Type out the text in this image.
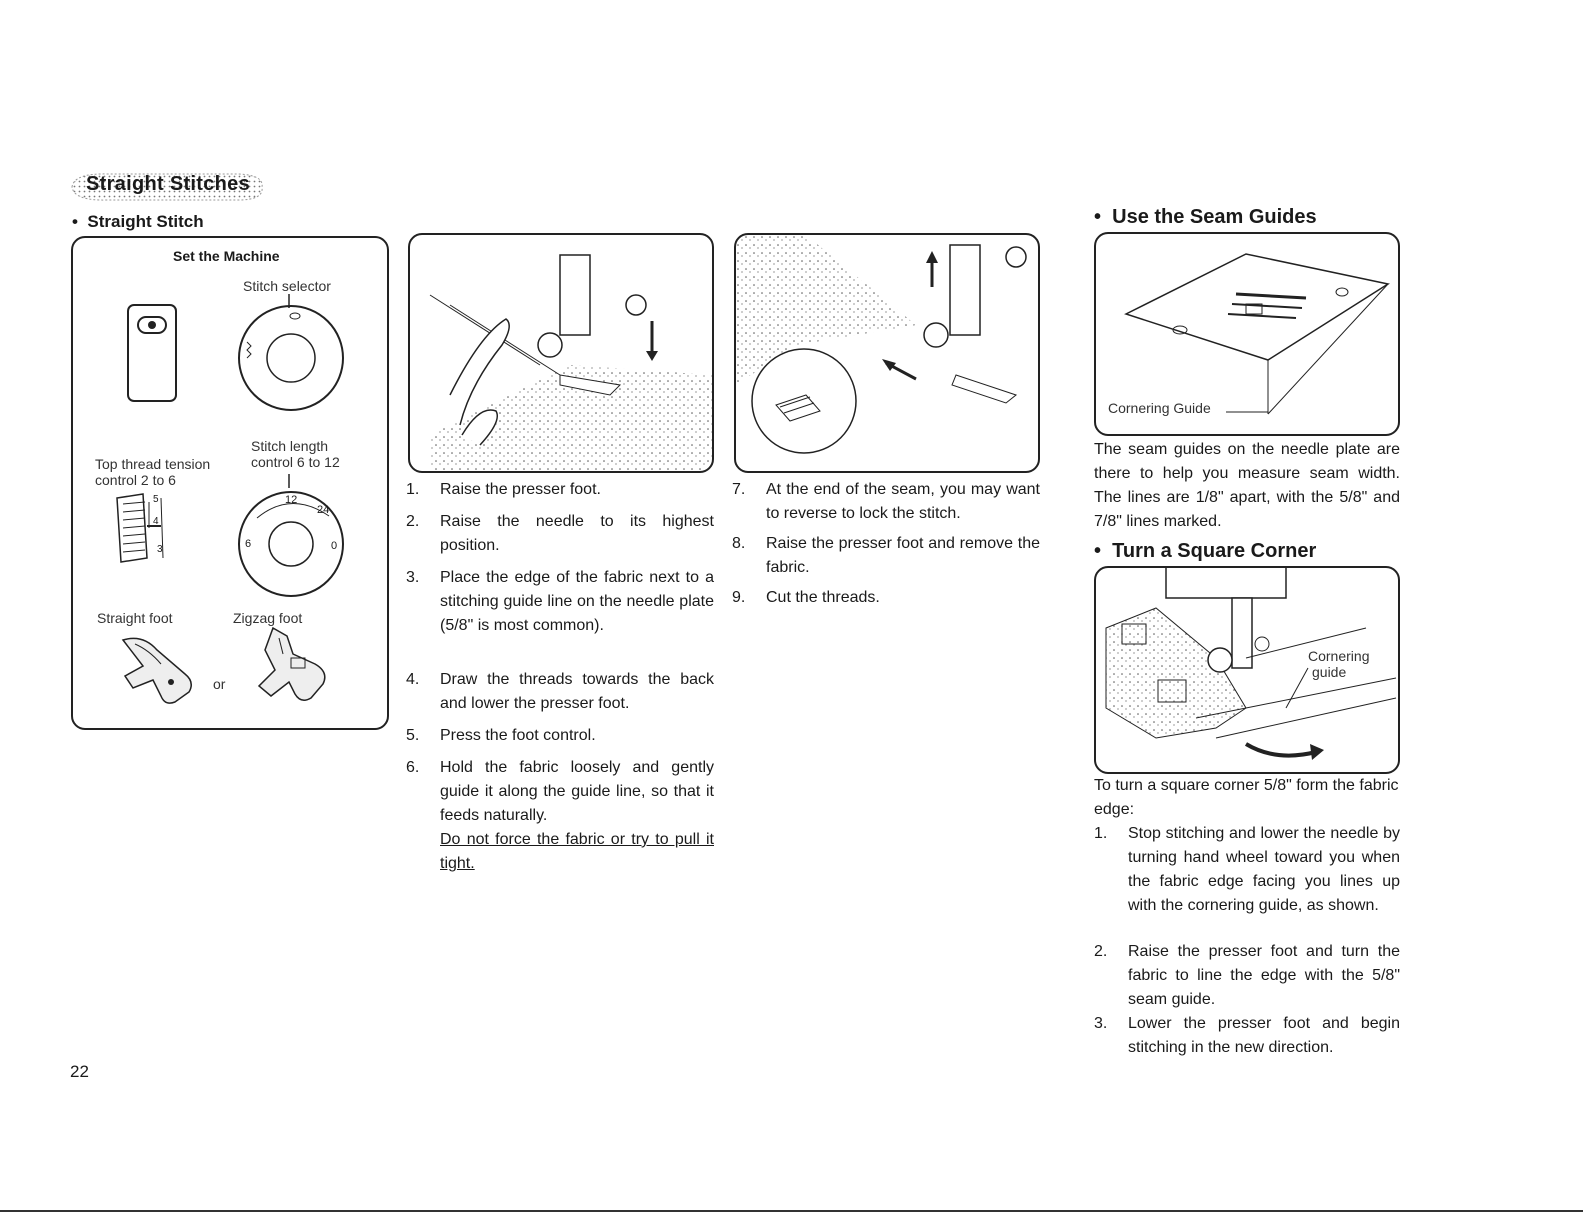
Straight Stitches
•  Straight Stitch
Set the Machine
Stitch selector
Stitch length
control 6 to 12
Top thread tension
control 2 to 6
5
4
3
12
24
6	0
Straight foot	Zigzag foot
or
1. Raise the presser foot.
2. Raise the needle to its highest position.
3. Place the edge of the fabric next to a stitching guide line on the needle plate (5/8" is most common).
4. Draw the threads towards the back and lower the presser foot.
5. Press the foot control.
6. Hold the fabric loosely and gently guide it along the guide line, so that it feeds naturally.
Do not force the fabric or try to pull it tight.
7. At the end of the seam, you may want to reverse to lock the stitch.
8. Raise the presser foot and remove the fabric.
9. Cut the threads.
•  Use the Seam Guides
Cornering Guide
The seam guides on the needle plate are there to help you measure seam width. The lines are 1/8" apart, with the 5/8" and 7/8" lines marked.
•  Turn a Square Corner
Cornering
guide
To turn a square corner 5/8" form the fabric edge:
1. Stop stitching and lower the needle by turning hand wheel toward you when the fabric edge facing you lines up with the cornering guide, as shown.
2. Raise the presser foot and turn the fabric to line the edge with the 5/8" seam guide.
3. Lower the presser foot and begin stitching in the new direction.
22
